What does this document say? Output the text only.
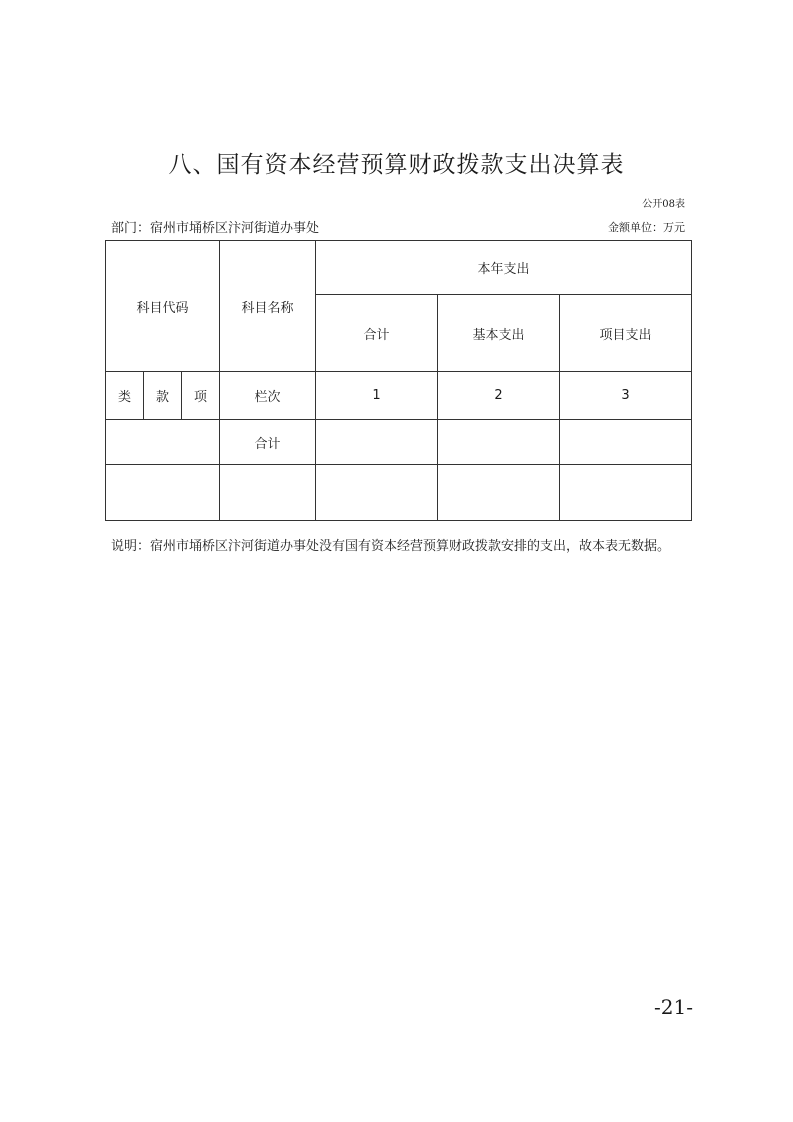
八、国有资本经营预算财政拨款支出决算表
公开08表
部门：宿州市埇桥区汴河街道办事处	金额单位：万元
科目代码			科目名称	本年支出		
				合计	基本支出	项目支出
类	款	项	栏次	1	2	3
			合计			

说明：宿州市埇桥区汴河街道办事处没有国有资本经营预算财政拨款安排的支出，故本表无数据。
-21-
